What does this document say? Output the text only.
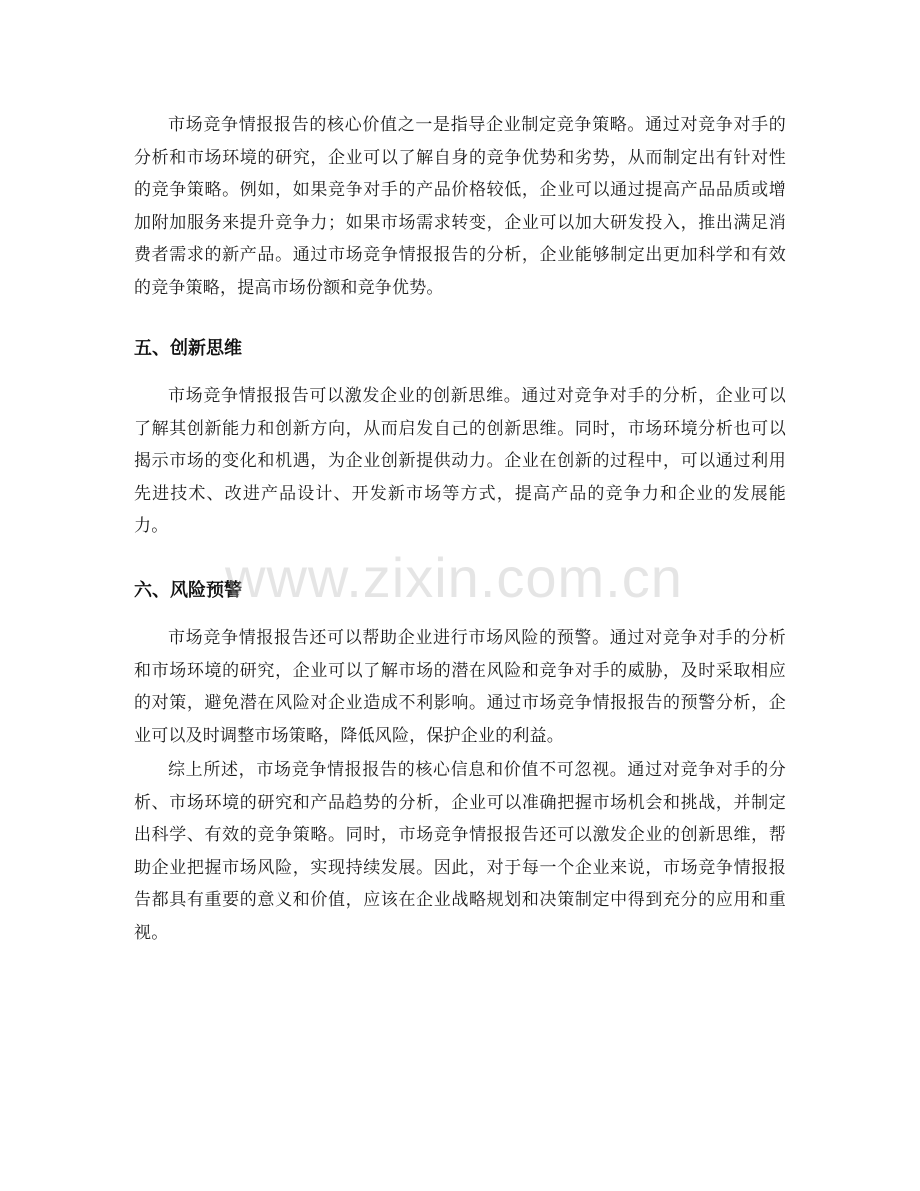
市场竞争情报报告的核心价值之一是指导企业制定竞争策略。通过对竞争对手的分析和市场环境的研究，企业可以了解自身的竞争优势和劣势，从而制定出有针对性的竞争策略。例如，如果竞争对手的产品价格较低，企业可以通过提高产品品质或增加附加服务来提升竞争力；如果市场需求转变，企业可以加大研发投入，推出满足消费者需求的新产品。通过市场竞争情报报告的分析，企业能够制定出更加科学和有效的竞争策略，提高市场份额和竞争优势。

五、创新思维

市场竞争情报报告可以激发企业的创新思维。通过对竞争对手的分析，企业可以了解其创新能力和创新方向，从而启发自己的创新思维。同时，市场环境分析也可以揭示市场的变化和机遇，为企业创新提供动力。企业在创新的过程中，可以通过利用先进技术、改进产品设计、开发新市场等方式，提高产品的竞争力和企业的发展能力。

六、风险预警

市场竞争情报报告还可以帮助企业进行市场风险的预警。通过对竞争对手的分析和市场环境的研究，企业可以了解市场的潜在风险和竞争对手的威胁，及时采取相应的对策，避免潜在风险对企业造成不利影响。通过市场竞争情报报告的预警分析，企业可以及时调整市场策略，降低风险，保护企业的利益。

综上所述，市场竞争情报报告的核心信息和价值不可忽视。通过对竞争对手的分析、市场环境的研究和产品趋势的分析，企业可以准确把握市场机会和挑战，并制定出科学、有效的竞争策略。同时，市场竞争情报报告还可以激发企业的创新思维，帮助企业把握市场风险，实现持续发展。因此，对于每一个企业来说，市场竞争情报报告都具有重要的意义和价值，应该在企业战略规划和决策制定中得到充分的应用和重视。

www.zixin.com.cn
